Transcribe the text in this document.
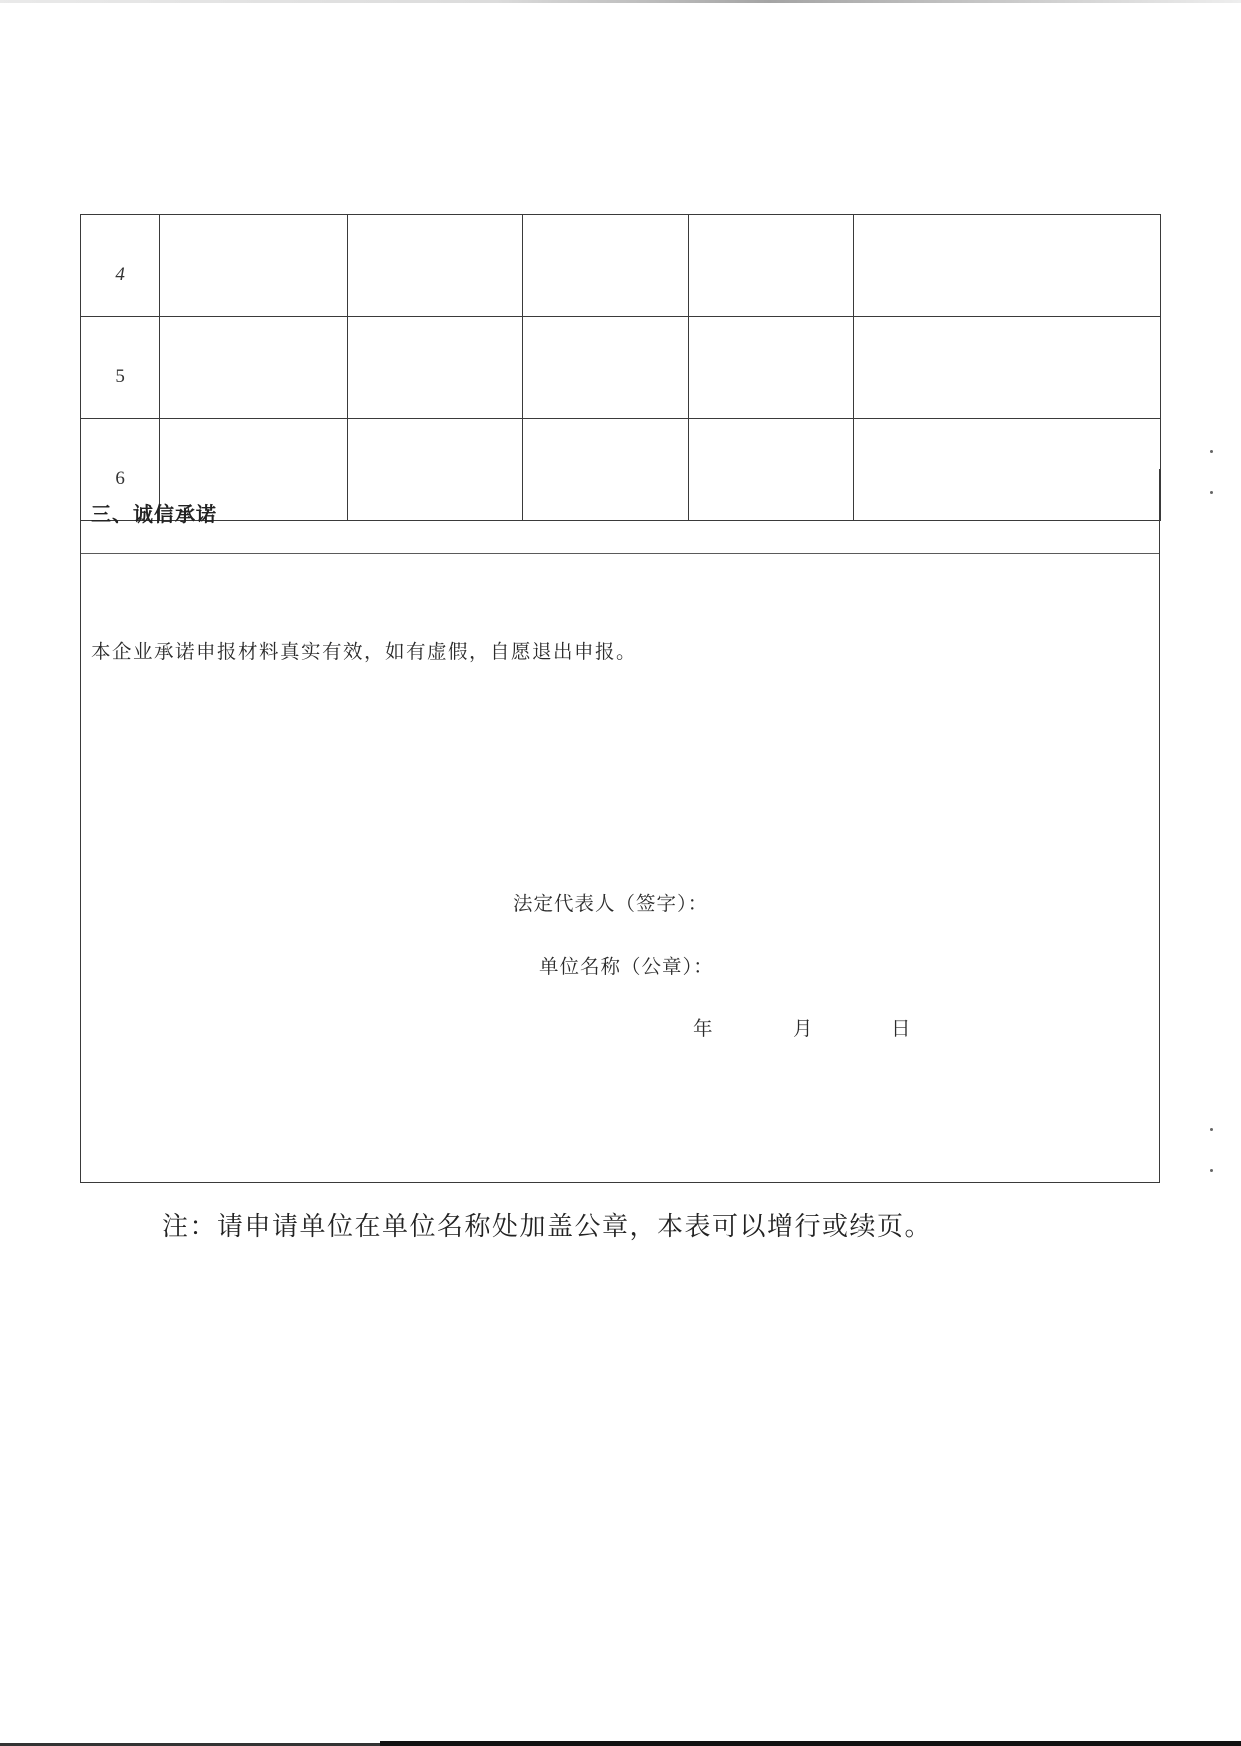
4					
5					
6					
三、诚信承诺
本企业承诺申报材料真实有效，如有虚假，自愿退出申报。
法定代表人（签字）：
单位名称（公章）：
年	月	日
注：请申请单位在单位名称处加盖公章，本表可以增行或续页。
